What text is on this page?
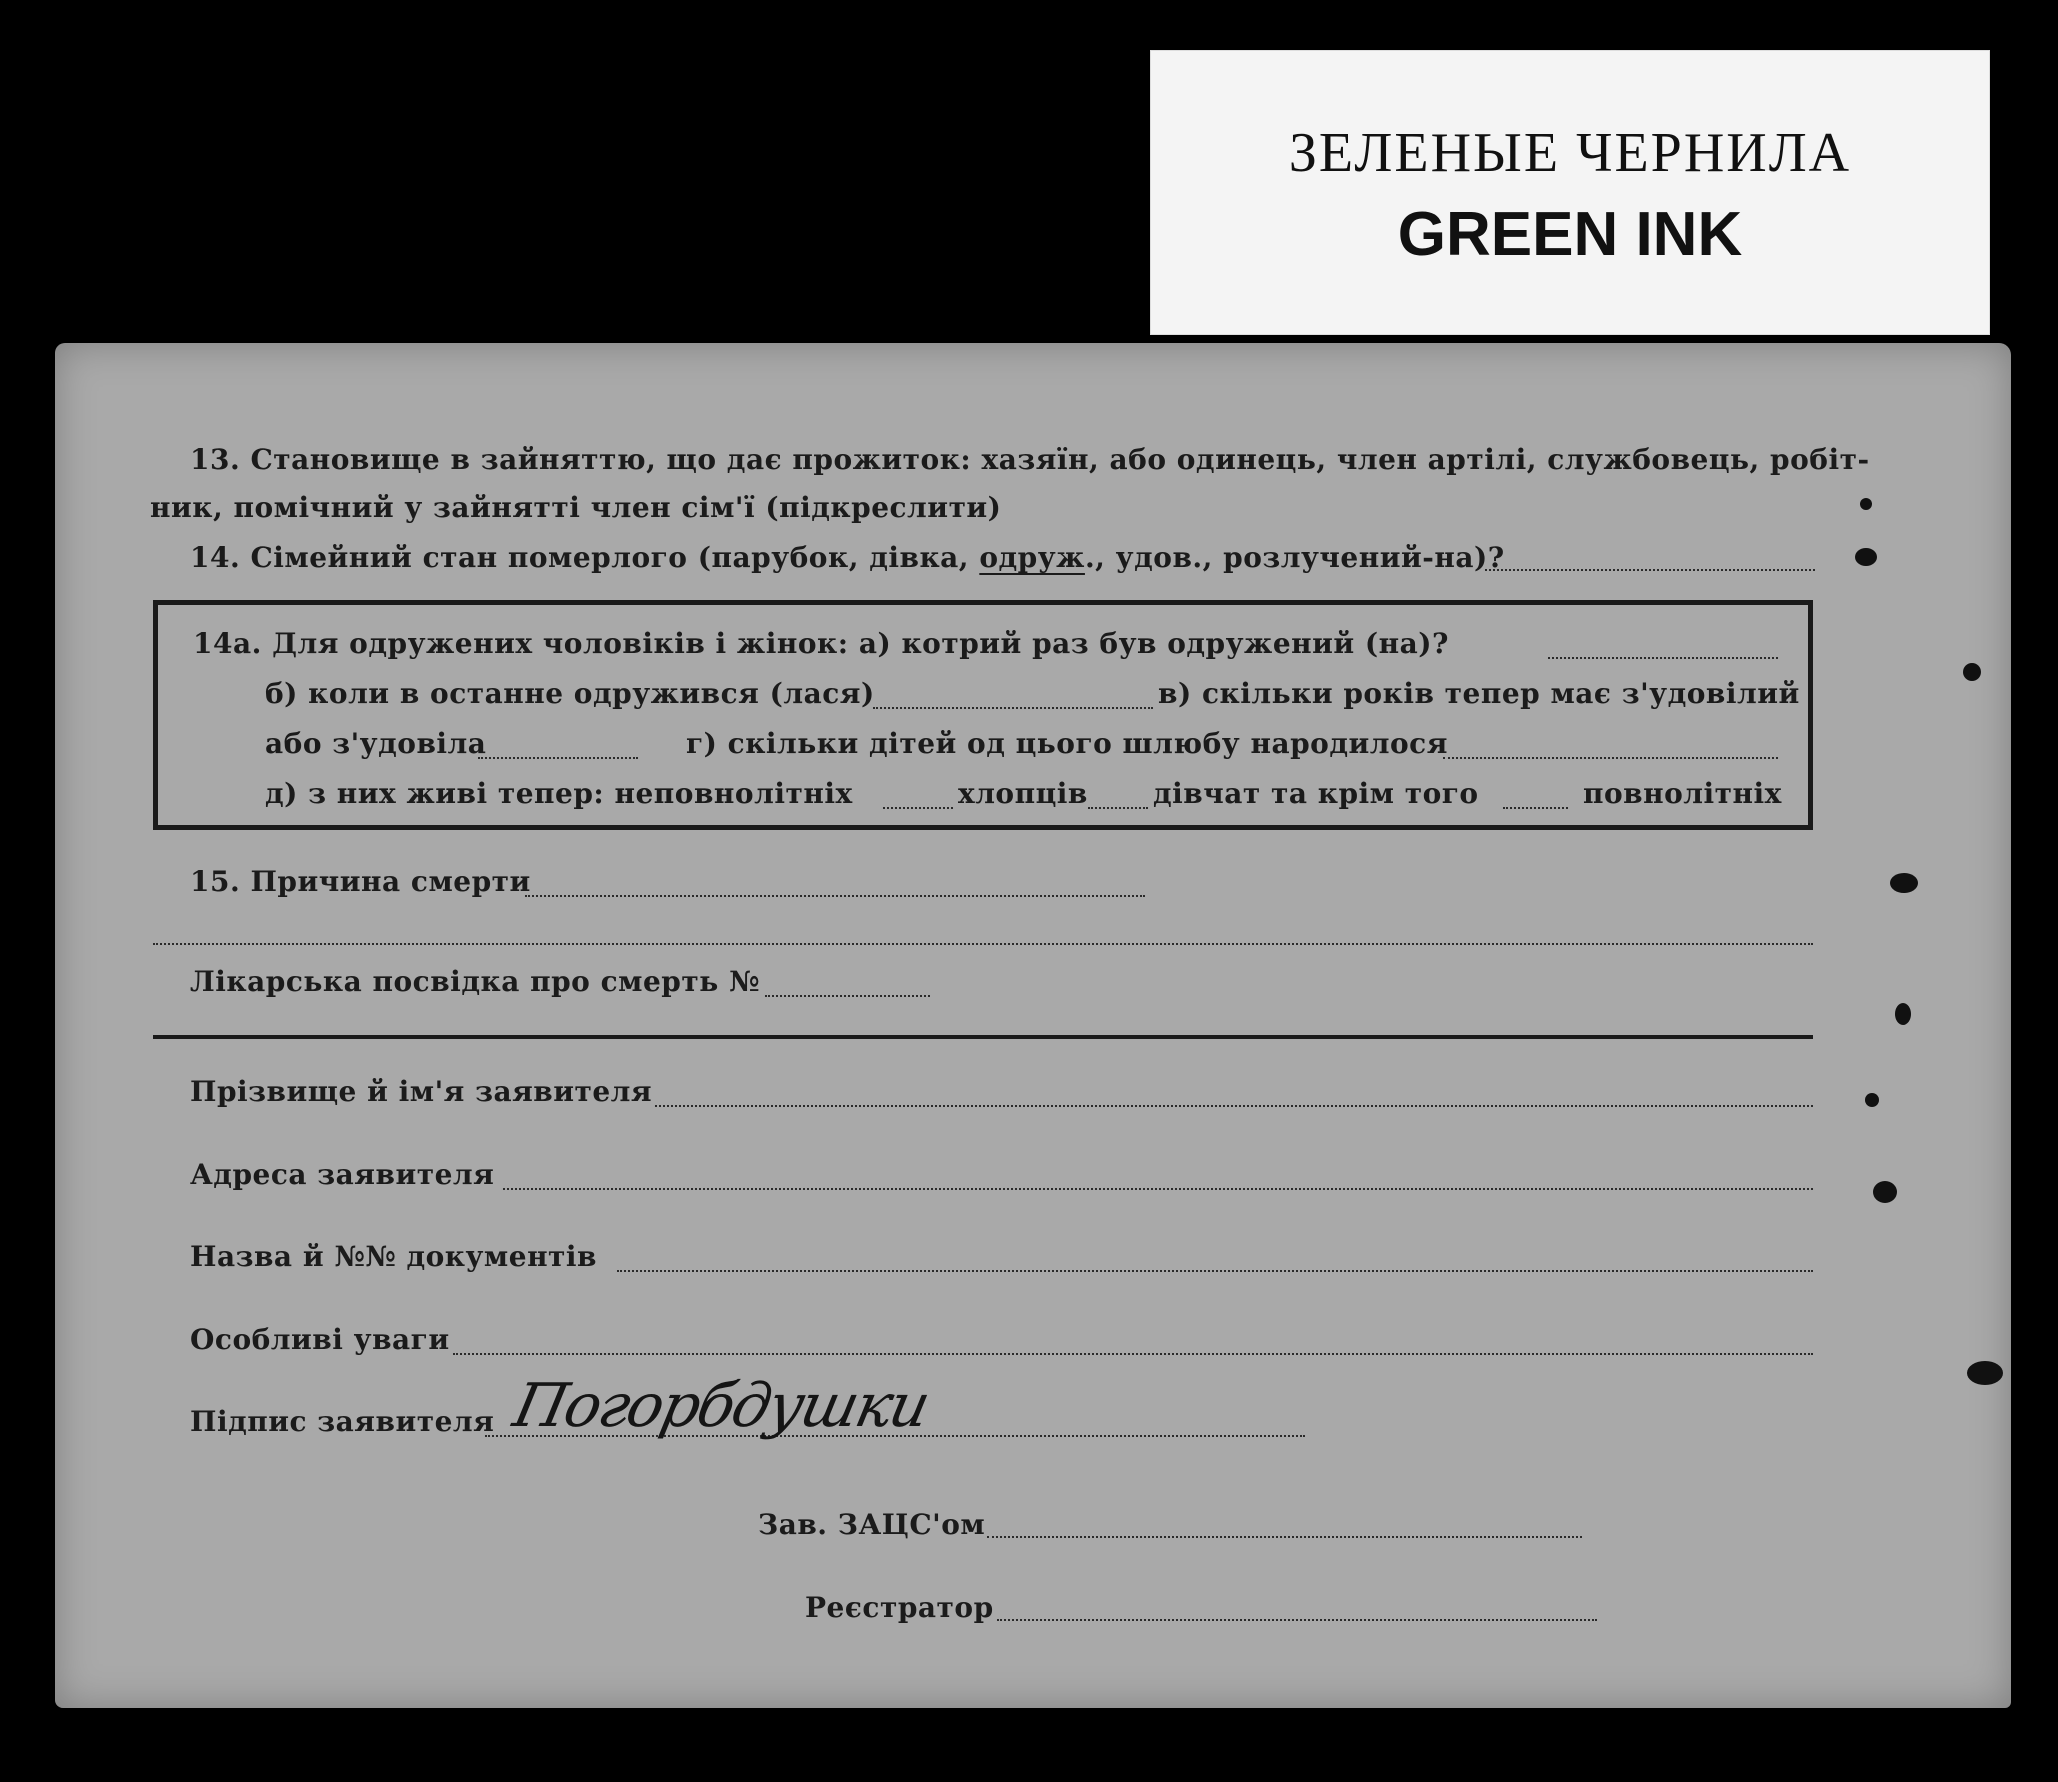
ЗЕЛЕНЫЕ ЧЕРНИЛА
GREEN INK
13. Становище в зайняттю, що дає прожиток: хазяїн, або одинець, член артілі, службовець, робіт-
ник, помічний у зайнятті член сім'ї (підкреслити)
14. Сімейний стан померлого (парубок, дівка, одруж., удов., розлучений-на)?
14а. Для одружених чоловіків і жінок: а) котрий раз був одружений (на)?
б) коли в останне одружився (лася)	в) скільки років тепер має з'удовілий
або з'удовіла	г) скільки дітей од цього шлюбу народилося
д) з них живі тепер: неповнолітніх	хлопців дівчат та крім того	повнолітніх
15. Причина смерти
Лікарська посвідка про смерть №
Прізвище й ім'я заявителя
Адреса заявителя
Назва й №№ документів
Особливі уваги
Підпис заявителя Погорбдушки
Зав. ЗАЦС'ом
Реєстратор
